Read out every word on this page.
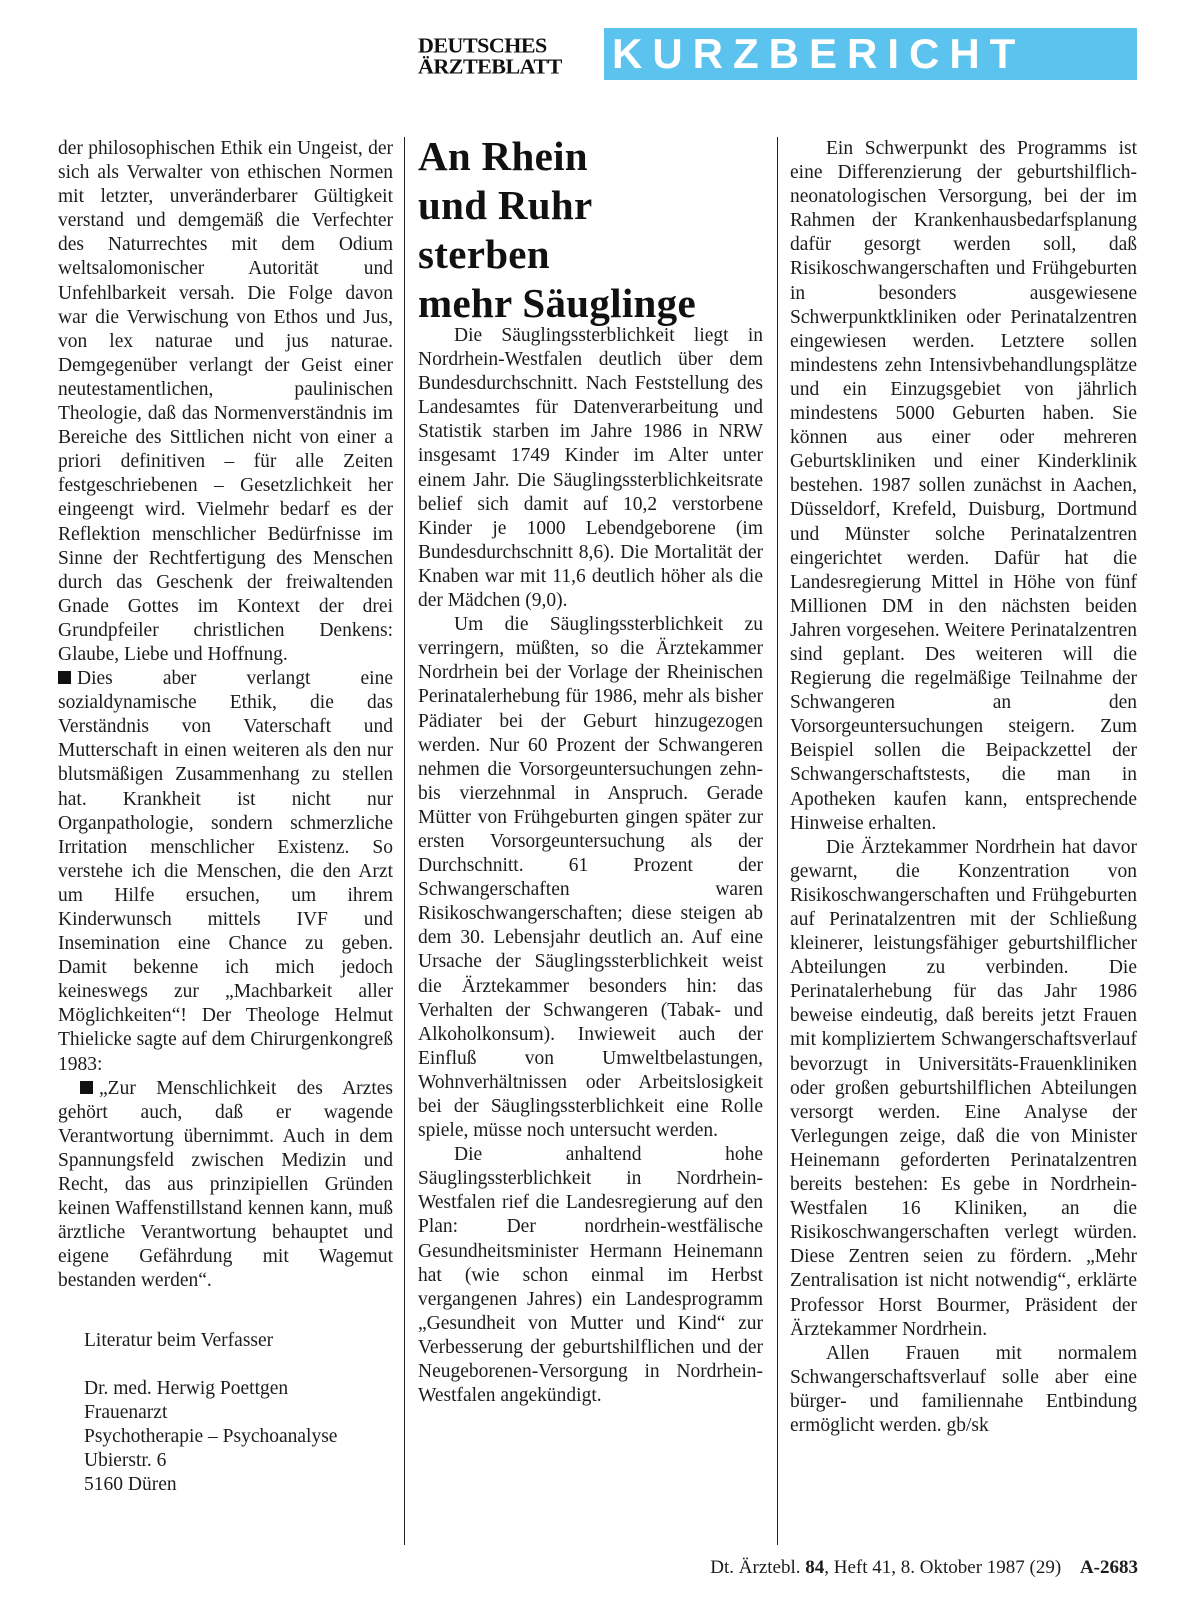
DEUTSCHES
ÄRZTEBLATT	KURZBERICHT

der philosophischen Ethik ein Ungeist, der sich als Verwalter von ethischen Normen mit letzter, unveränderbarer Gültigkeit verstand und demgemäß die Verfechter des Naturrechtes mit dem Odium weltsalomonischer Autorität und Unfehlbarkeit versah. Die Folge davon war die Verwischung von Ethos und Jus, von lex naturae und jus naturae. Demgegenüber verlangt der Geist einer neutestamentlichen, paulinischen Theologie, daß das Normenverständnis im Bereiche des Sittlichen nicht von einer a priori definitiven – für alle Zeiten festgeschriebenen – Gesetzlichkeit her eingeengt wird. Vielmehr bedarf es der Reflektion menschlicher Bedürfnisse im Sinne der Rechtfertigung des Menschen durch das Geschenk der freiwaltenden Gnade Gottes im Kontext der drei Grundpfeiler christlichen Denkens: Glaube, Liebe und Hoffnung.

Dies aber verlangt eine sozialdynamische Ethik, die das Verständnis von Vaterschaft und Mutterschaft in einen weiteren als den nur blutsmäßigen Zusammenhang zu stellen hat. Krankheit ist nicht nur Organpathologie, sondern schmerzliche Irritation menschlicher Existenz. So verstehe ich die Menschen, die den Arzt um Hilfe ersuchen, um ihrem Kinderwunsch mittels IVF und Insemination eine Chance zu geben. Damit bekenne ich mich jedoch keineswegs zur „Machbarkeit aller Möglichkeiten“! Der Theologe Helmut Thielicke sagte auf dem Chirurgenkongreß 1983:

„Zur Menschlichkeit des Arztes gehört auch, daß er wagende Verantwortung übernimmt. Auch in dem Spannungsfeld zwischen Medizin und Recht, das aus prinzipiellen Gründen keinen Waffenstillstand kennen kann, muß ärztliche Verantwortung behauptet und eigene Gefährdung mit Wagemut bestanden werden“.

Literatur beim Verfasser
Dr. med. Herwig Poettgen
Frauenarzt
Psychotherapie – Psychoanalyse
Ubierstr. 6
5160 Düren
An Rhein
und Ruhr
sterben
mehr Säuglinge

Die Säuglingssterblichkeit liegt in Nordrhein-Westfalen deutlich über dem Bundesdurchschnitt. Nach Feststellung des Landesamtes für Datenverarbeitung und Statistik starben im Jahre 1986 in NRW insgesamt 1749 Kinder im Alter unter einem Jahr. Die Säuglingssterblichkeitsrate belief sich damit auf 10,2 verstorbene Kinder je 1000 Lebendgeborene (im Bundesdurchschnitt 8,6). Die Mortalität der Knaben war mit 11,6 deutlich höher als die der Mädchen (9,0).

Um die Säuglingssterblichkeit zu verringern, müßten, so die Ärztekammer Nordrhein bei der Vorlage der Rheinischen Perinatalerhebung für 1986, mehr als bisher Pädiater bei der Geburt hinzugezogen werden. Nur 60 Prozent der Schwangeren nehmen die Vorsorgeuntersuchungen zehn- bis vierzehnmal in Anspruch. Gerade Mütter von Frühgeburten gingen später zur ersten Vorsorgeuntersuchung als der Durchschnitt. 61 Prozent der Schwangerschaften waren Risikoschwangerschaften; diese steigen ab dem 30. Lebensjahr deutlich an. Auf eine Ursache der Säuglingssterblichkeit weist die Ärztekammer besonders hin: das Verhalten der Schwangeren (Tabak- und Alkoholkonsum). Inwieweit auch der Einfluß von Umweltbelastungen, Wohnverhältnissen oder Arbeitslosigkeit bei der Säuglingssterblichkeit eine Rolle spiele, müsse noch untersucht werden.

Die anhaltend hohe Säuglingssterblichkeit in Nordrhein-Westfalen rief die Landesregierung auf den Plan: Der nordrhein-westfälische Gesundheitsminister Hermann Heinemann hat (wie schon einmal im Herbst vergangenen Jahres) ein Landesprogramm „Gesundheit von Mutter und Kind“ zur Verbesserung der geburtshilflichen und der Neugeborenen-Versorgung in Nordrhein-Westfalen angekündigt.

Ein Schwerpunkt des Programms ist eine Differenzierung der geburtshilflich-neonatologischen Versorgung, bei der im Rahmen der Krankenhausbedarfsplanung dafür gesorgt werden soll, daß Risikoschwangerschaften und Frühgeburten in besonders ausgewiesene Schwerpunktkliniken oder Perinatalzentren eingewiesen werden. Letztere sollen mindestens zehn Intensivbehandlungsplätze und ein Einzugsgebiet von jährlich mindestens 5000 Geburten haben. Sie können aus einer oder mehreren Geburtskliniken und einer Kinderklinik bestehen. 1987 sollen zunächst in Aachen, Düsseldorf, Krefeld, Duisburg, Dortmund und Münster solche Perinatalzentren eingerichtet werden. Dafür hat die Landesregierung Mittel in Höhe von fünf Millionen DM in den nächsten beiden Jahren vorgesehen. Weitere Perinatalzentren sind geplant. Des weiteren will die Regierung die regelmäßige Teilnahme der Schwangeren an den Vorsorgeuntersuchungen steigern. Zum Beispiel sollen die Beipackzettel der Schwangerschaftstests, die man in Apotheken kaufen kann, entsprechende Hinweise erhalten.

Die Ärztekammer Nordrhein hat davor gewarnt, die Konzentration von Risikoschwangerschaften und Frühgeburten auf Perinatalzentren mit der Schließung kleinerer, leistungsfähiger geburtshilflicher Abteilungen zu verbinden. Die Perinatalerhebung für das Jahr 1986 beweise eindeutig, daß bereits jetzt Frauen mit kompliziertem Schwangerschaftsverlauf bevorzugt in Universitäts-Frauenkliniken oder großen geburtshilflichen Abteilungen versorgt werden. Eine Analyse der Verlegungen zeige, daß die von Minister Heinemann geforderten Perinatalzentren bereits bestehen: Es gebe in Nordrhein-Westfalen 16 Kliniken, an die Risikoschwangerschaften verlegt würden. Diese Zentren seien zu fördern. „Mehr Zentralisation ist nicht notwendig“, erklärte Professor Horst Bourmer, Präsident der Ärztekammer Nordrhein.

Allen Frauen mit normalem Schwangerschaftsverlauf solle aber eine bürger- und familiennahe Entbindung ermöglicht werden. gb/sk

Dt. Ärztebl. 84, Heft 41, 8. Oktober 1987 (29) A-2683
